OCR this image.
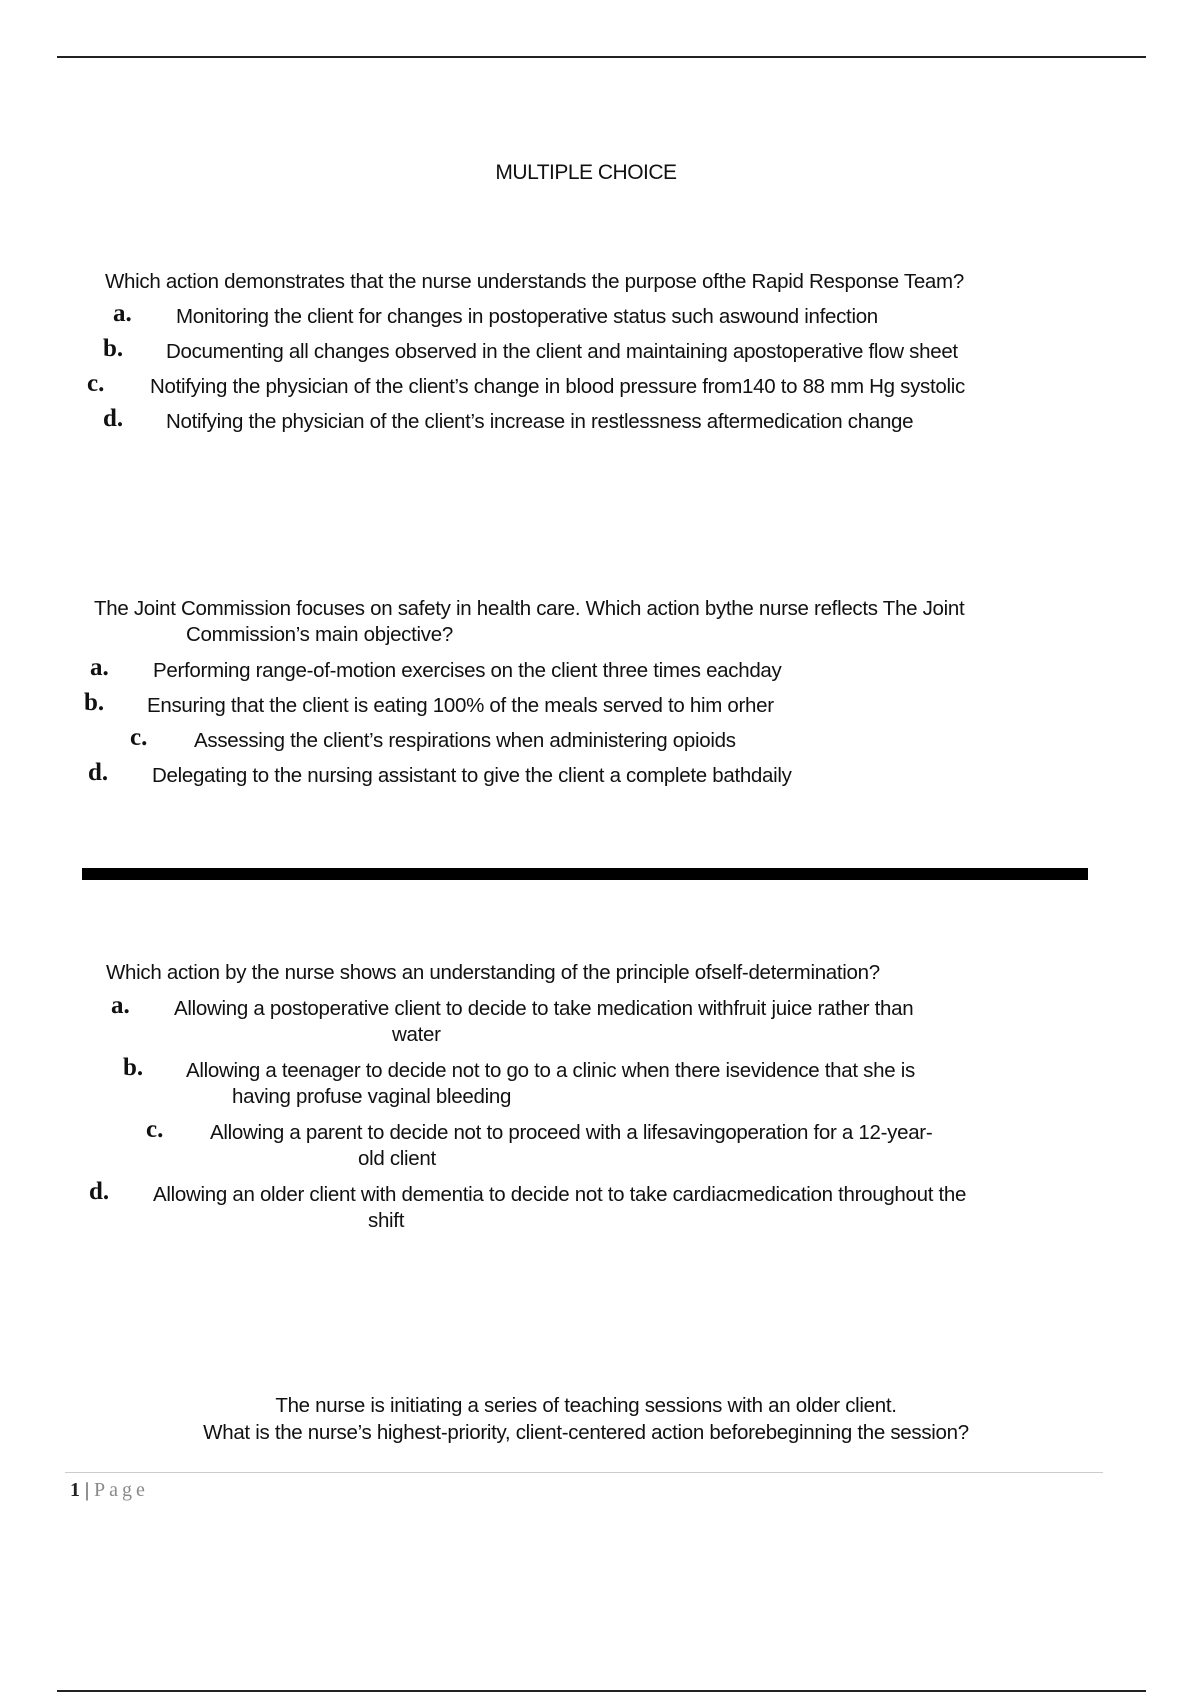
MULTIPLE CHOICE
Which action demonstrates that the nurse understands the purpose ofthe Rapid Response Team?
a. Monitoring the client for changes in postoperative status such aswound infection
b. Documenting all changes observed in the client and maintaining apostoperative flow sheet
c. Notifying the physician of the client’s change in blood pressure from140 to 88 mm Hg systolic
d. Notifying the physician of the client’s increase in restlessness aftermedication change
The Joint Commission focuses on safety in health care. Which action bythe nurse reflects The Joint
Commission’s main objective?
a. Performing range-of-motion exercises on the client three times eachday
b. Ensuring that the client is eating 100% of the meals served to him orher
c. Assessing the client’s respirations when administering opioids
d. Delegating to the nursing assistant to give the client a complete bathdaily
Which action by the nurse shows an understanding of the principle ofself-determination?
a. Allowing a postoperative client to decide to take medication withfruit juice rather than
water
b. Allowing a teenager to decide not to go to a clinic when there isevidence that she is
having profuse vaginal bleeding
c. Allowing a parent to decide not to proceed with a lifesavingoperation for a 12-year-
old client
d. Allowing an older client with dementia to decide not to take cardiacmedication throughout the
shift
The nurse is initiating a series of teaching sessions with an older client.
What is the nurse’s highest-priority, client-centered action beforebeginning the session?
1 | Page
